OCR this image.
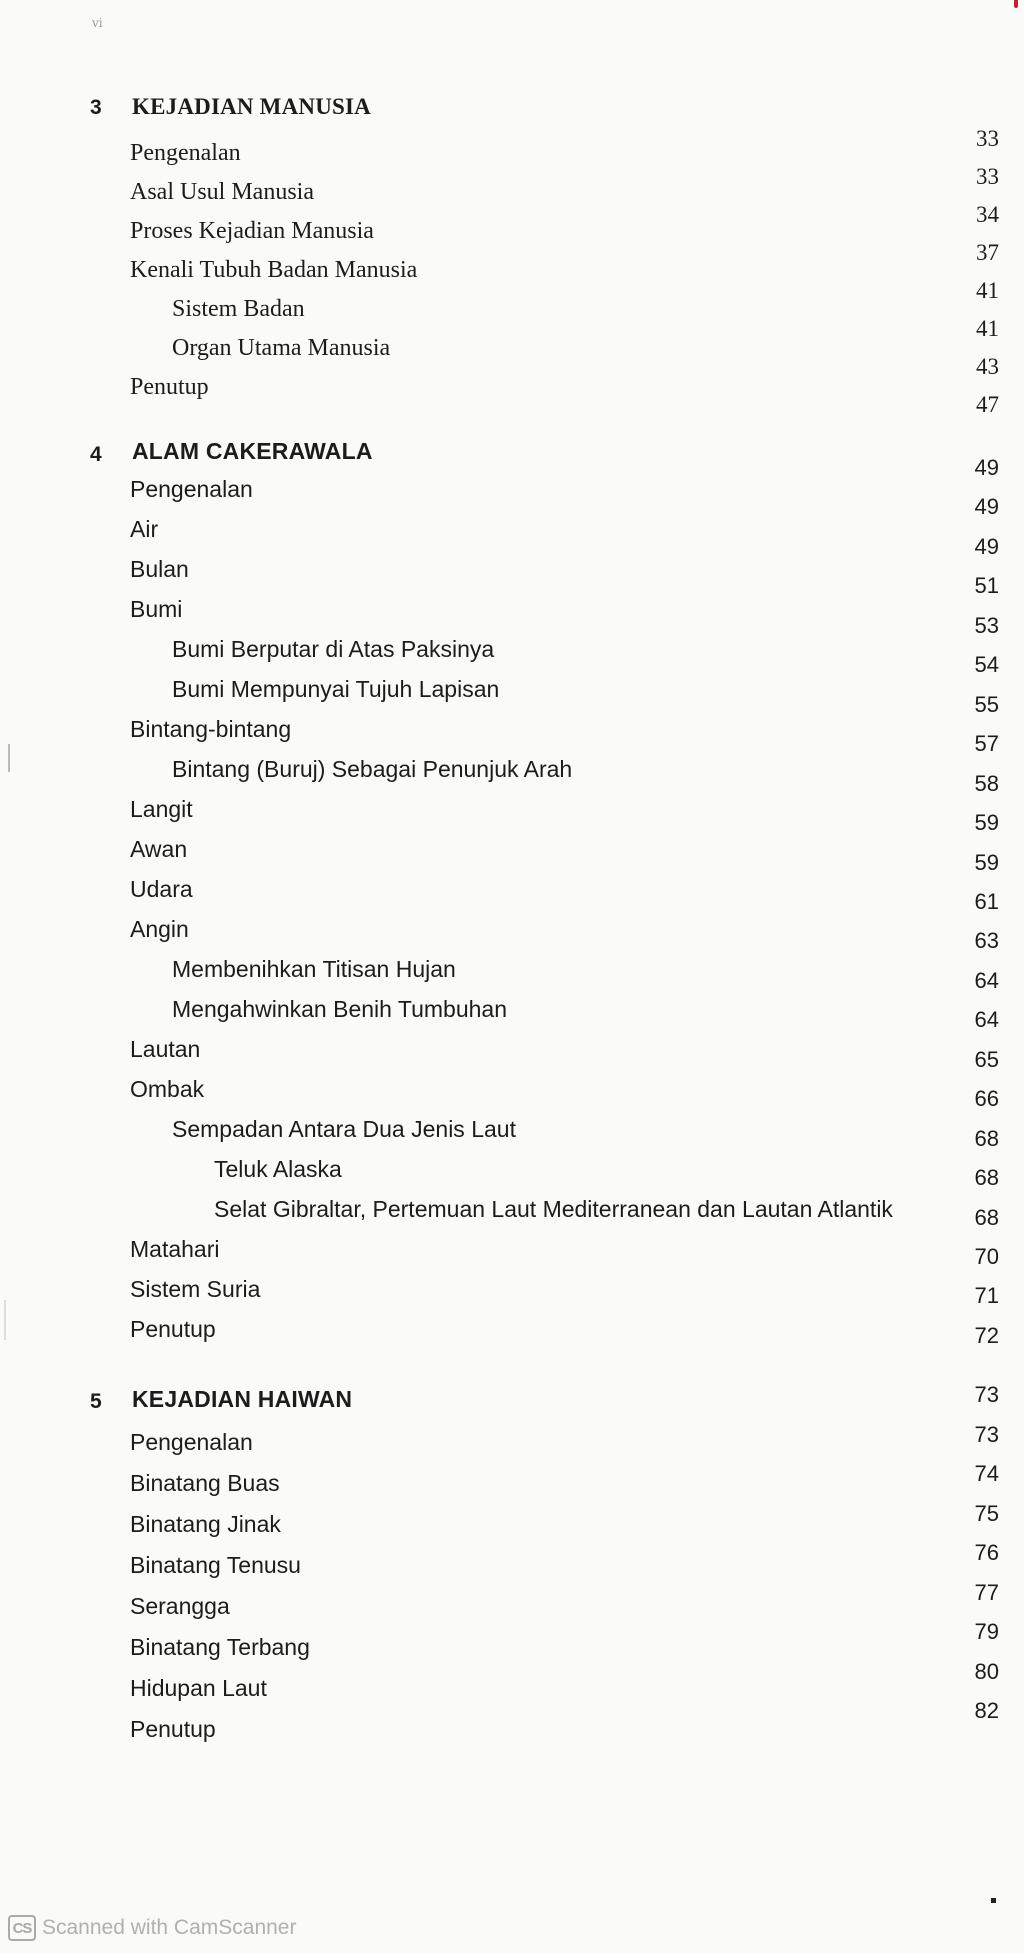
vi
3 KEJADIAN MANUSIA
Pengenalan
Asal Usul Manusia
Proses Kejadian Manusia
Kenali Tubuh Badan Manusia
Sistem Badan
Organ Utama Manusia
Penutup
33
33
34
37
41
41
43
47
4 ALAM CAKERAWALA
Pengenalan
Air
Bulan
Bumi
Bumi Berputar di Atas Paksinya
Bumi Mempunyai Tujuh Lapisan
Bintang-bintang
Bintang (Buruj) Sebagai Penunjuk Arah
Langit
Awan
Udara
Angin
Membenihkan Titisan Hujan
Mengahwinkan Benih Tumbuhan
Lautan
Ombak
Sempadan Antara Dua Jenis Laut
Teluk Alaska
Selat Gibraltar, Pertemuan Laut Mediterranean dan Lautan Atlantik
Matahari
Sistem Suria
Penutup
49
49
49
51
53
54
55
57
58
59
59
61
63
64
64
65
66
68
68
68
70
71
72
5 KEJADIAN HAIWAN
Pengenalan
Binatang Buas
Binatang Jinak
Binatang Tenusu
Serangga
Binatang Terbang
Hidupan Laut
Penutup
73
73
74
75
76
77
79
80
82
CS Scanned with CamScanner
